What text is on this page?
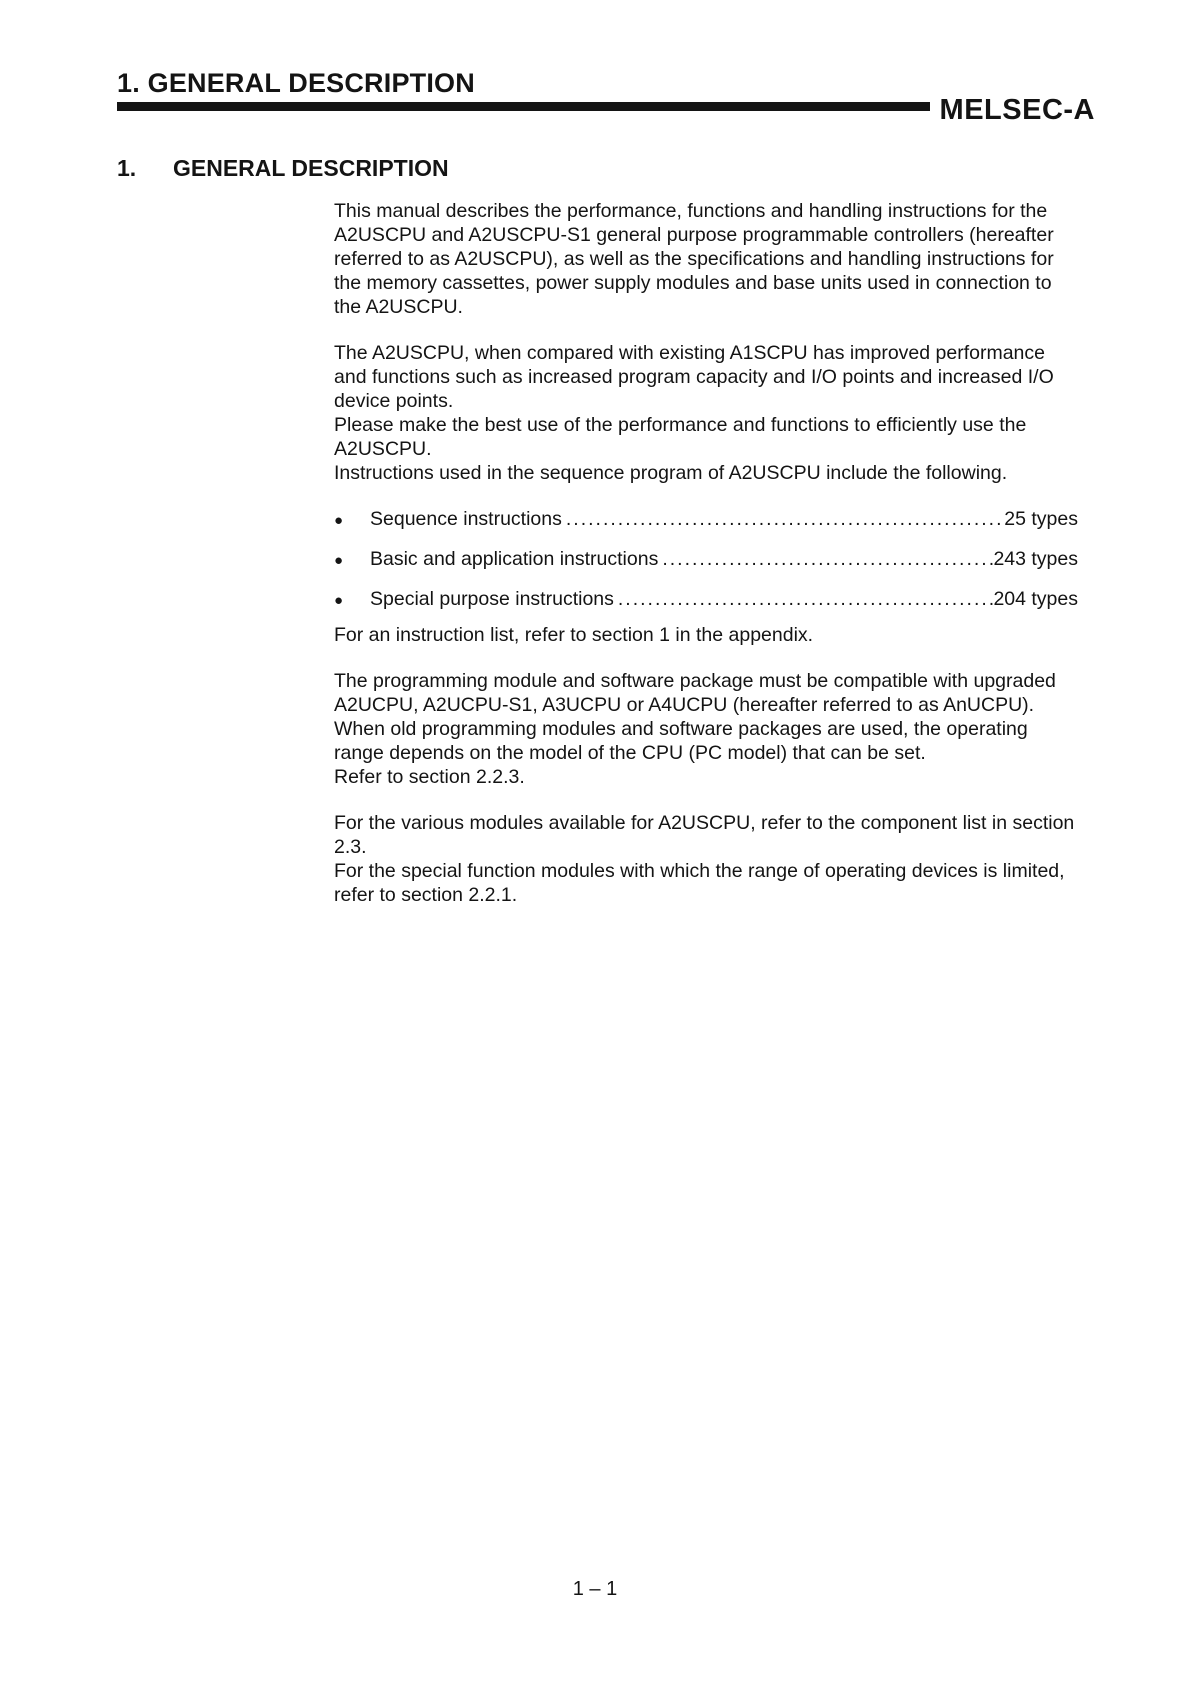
1. GENERAL DESCRIPTION
MELSEC-A
1. GENERAL DESCRIPTION

This manual describes the performance, functions and handling instructions for the A2USCPU and A2USCPU-S1 general purpose programmable controllers (hereafter referred to as A2USCPU), as well as the specifications and handling instructions for the memory cassettes, power supply modules and base units used in connection to the A2USCPU.

The A2USCPU, when compared with existing A1SCPU has improved performance and functions such as increased program capacity and I/O points and increased I/O device points.

Please make the best use of the performance and functions to efficiently use the A2USCPU.

Instructions used in the sequence program of A2USCPU include the following.

●	Sequence instructions .....	25 types
●	Basic and application instructions .....	243 types
●	Special purpose instructions .....	204 types

For an instruction list, refer to section 1 in the appendix.

The programming module and software package must be compatible with upgraded A2UCPU, A2UCPU-S1, A3UCPU or A4UCPU (hereafter referred to as AnUCPU).

When old programming modules and software packages are used, the operating range depends on the model of the CPU (PC model) that can be set.

Refer to section 2.2.3.

For the various modules available for A2USCPU, refer to the component list in section 2.3.

For the special function modules with which the range of operating devices is limited, refer to section 2.2.1.

1 – 1
